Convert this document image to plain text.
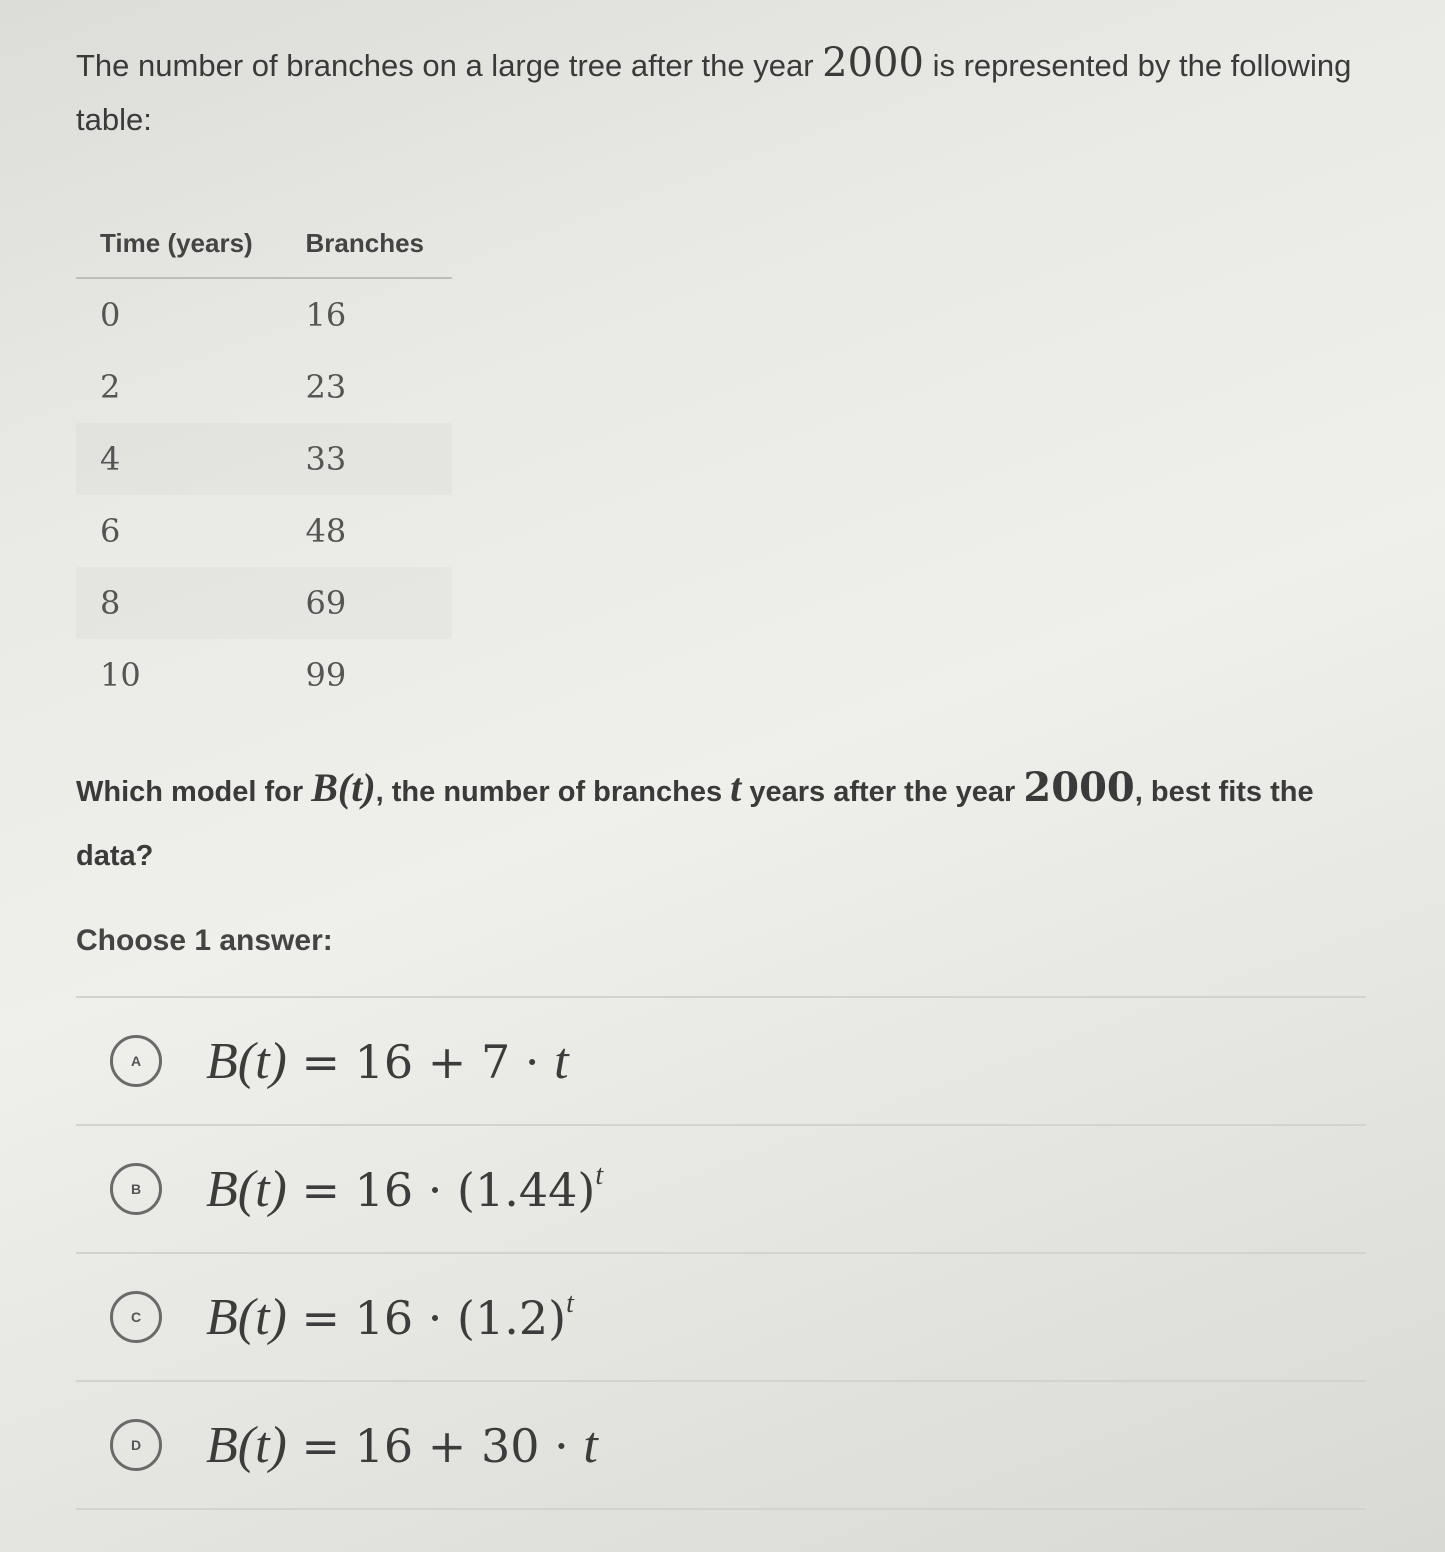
The number of branches on a large tree after the year 2000 is represented by the following table:

Time (years)	Branches
0	16
2	23
4	33
6	48
8	69
10	99

Which model for B(t), the number of branches t years after the year 2000, best fits the data?

Choose 1 answer:

A	B(t) = 16 + 7 · t
B	$B(t) = 16 \cdot (1.44)^t$
C	$B(t) = 16 \cdot (1.2)^t$
D	B(t) = 16 + 30 · t
